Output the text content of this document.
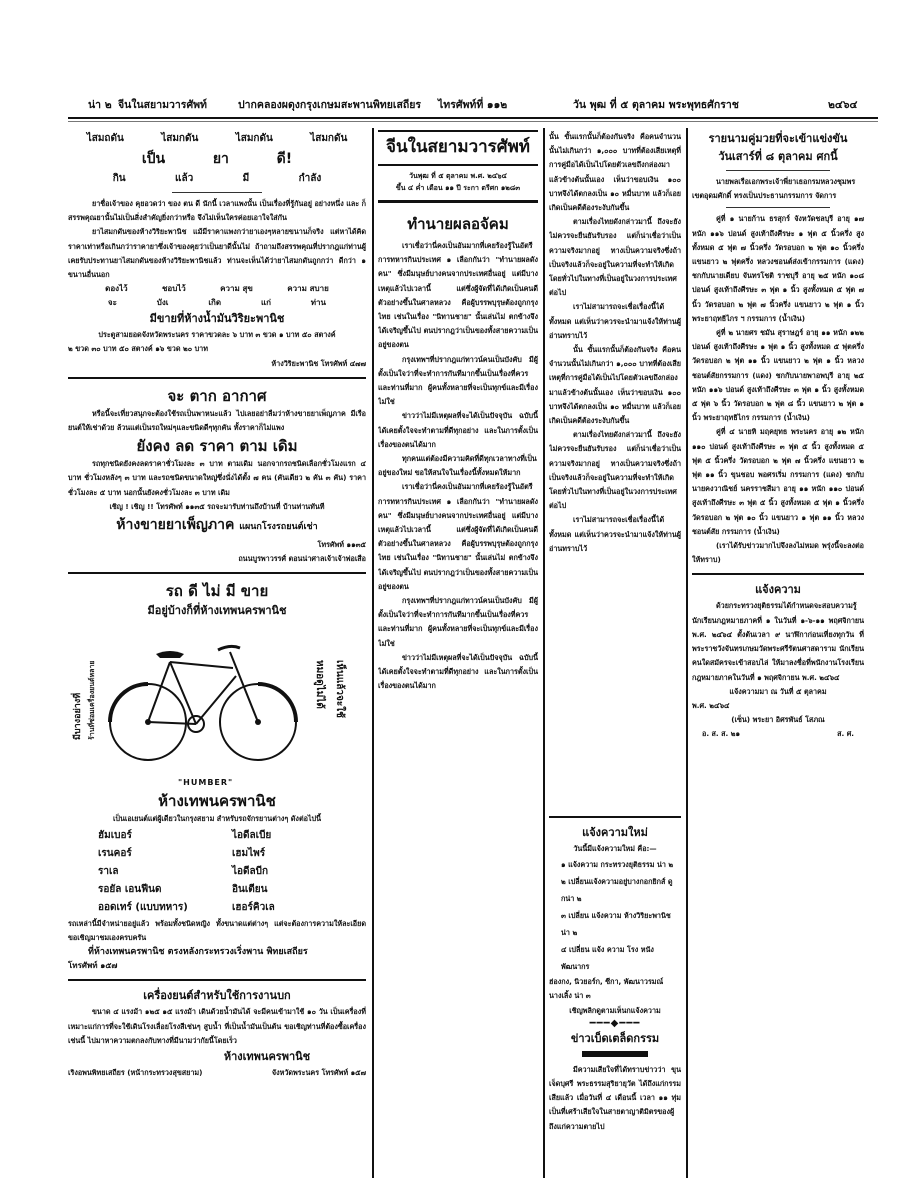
น่า ๒ จีนในสยามวารศัพท์	ปากคลองผดุงกรุงเกษมสะพานพิทยเสถียร ไทรศัพท์ที่ ๑๑๒	วัน พุฒ ที่ ๕ ตุลาคม พระพุทธศักราช	๒๔๖๔
ไสมถดัน	ไสมกดัน	ไสมกดัน	ไสมกดัน
เป็น	ยา	ดี!
กิน	แล้ว	มี	กำลัง

ยาชื่อเจ้าของ คุยอวดว่า ของ ตน ดี นักนี้ เวลาแพงนั้น เป็นเรื่องที่รู้กันอยู่ อย่างหนึ่ง และ ก็สรรพคุณยานั้นไม่เป็นสิ่งสำคัญยิ่งกว่าหรือ จึงไม่เห็นใครค่อยเอาใจใส่กัน

ยาไสมกดันของห้างวิริยะพานิช แม้มีราคาแพงกว่ายาเองๆหลายขนานก็จริง แต่หาได้คิดราคาเท่าหรือเกินกว่าราคายาซึ่งเจ้าของคุยว่าเป็นยาดีนั้นไม่ ถ้าถามถึงสรรพคุณที่ปรากฎแก่ท่านผู้เคยรับประทานยาไสมกดันของห้างวิริยะพานิชแล้ว ท่านจะเห็นได้ว่ายาไสมกดันถูกกว่า ดีกว่า ๑ ขนานอื่นนอก

ดองไว้	ชอบไว้	ความ สุข	ความ สบาย
จะ	บังเ	เกิด	แก่	ท่าน
มีขายที่ห้างน้ำมันวิริยะพานิช
ประตูสามยอดจังหวัดพระนคร ราคาขวดละ ๖ บาท ๓ ขวด ๑ บาท ๕๐ สตางค์
๒ ขวด ๓๐ บาท ๕๐ สตางค์ ๑๖ ขวด ๒๐ บาท
ห้างวิริยะพานิช โทรศัพท์ ๔๗๗
จะ ตาก อากาศ

หรือนี้จะเที่ยวสนุกจะต้องใช้รถเป็นพาหนะแล้ว ไปเลยอย่าลืมว่าห้างขายยาเพ็ญภาค มีเรือยนต์ให้เช่าด้วย ล้วนแต่เป็นรถใหม่ๆและขนิดดีๆทุกคัน ทั้งราคาก็ไม่แพง

ยังคง ลด ราคา ตาม เดิม

รถทุกชนิดยังคงลดราคาชั่วโมงละ ๓ บาท ตามเดิม นอกจากรถชนิดเลือกชั่วโมงแรก ๔ บาท ชั่วโมงหลังๆ ๓ บาท และรถชนิดขนาดใหญ่ซึ่งนั่งได้ตั้ง ๗ คน (คันเดียว ๒ คัน ๓ คัน) ราคาชั่วโมงละ ๕ บาท นอกนั้นยังคงชั่วโมงละ ๓ บาท เดิม

เชิญ ! เชิญ !! โทรศัพท์ ๑๑๓๕ รถจะมารับท่านถึงบ้านที่ บ้านท่านทันที
ห้างขายยาเพ็ญภาค แผนกโรงรถยนต์เช่า
โทรศัพท์ ๑๑๓๕
ถนนบูรพาวรรศ์ ตอนน่าศาลเจ้าเจ้าพ่อเสือ
รถ ดี ไม่ มี ขาย
มีอยู่บ้างก็ที่ห้างเทพนครพานิช
มีบางอย่างที่ ร้านที่ซ่อมเครื่องยนต์หลาย	หมอดูไม่ได้ เห็นแล้วจะใช้
"HUMBER"
ห้างเทพนครพานิช
เป็นเอเยนต์แต่ผู้เดียวในกรุงสยาม สำหรับรถจักรยานต่างๆ ดังต่อไปนี้
ฮัมเบอร์	ไอดีลเบีย
เรนคอร์	เฮมไพร์
ราเล	ไอดีลบีก
รอยัล เอนฟีนด	อินเตียน
ออดเทร์ (แบบทหาร)	เฮอร์คิวเล

รถเหล่านี้มีจำหน่ายอยู่แล้ว พร้อมทั้งชนิดหญิง ทั้งขนาดแต่ต่างๆ แต่จะต้องการความให้ละเอียด ขอเชิญมาชมเองครบครัน

ที่ห้างเทพนครพานิช ตรงหลังกระทรวงเริ่งพาน พิทยเสถียร
โทรศัพท์ ๑๕๗
เครื่องยนต์สำหรับใช้การงานบก

ขนาด ๔ แรงม้า ๑๒๕ ๑๕ แรงม้า เดินด้วยน้ำมันได้ จะมีคนเข้ามาใช้ ๑๐ วัน เป็นเครื่องที่เหมาะแก่การที่จะใช้เดินโรงเลื่อยโรงสีเช่นๆ สูบน้ำ ที่เป็นน้ำมันเป็นต้น ขอเชิญท่านที่ต้องซื้อเครื่องเช่นนี้ ไปมาหาความตกลงกับทางที่มีนามว่ากัยนี้โดยเร็ว

ห้างเทพนครพานิช
เริงอพนพิทยเสถียร (หน้ากระทรวงสุขสยาม)	จังหวัดพระนคร โทรศัพท์ ๑๕๗
จีนในสยามวารศัพท์
วันพุฒ ที่ ๕ ตุลาคม พ.ศ. ๒๔๖๔
ขึ้น ๔ ค่ำ เดือน ๑๑ ปี ระกา ตรีศก ๑๒๘๓
ทำนายผลอจัคม

เราเชื่อว่านี่คงเป็นอันมากที่เคยร้องรู้ในอัตรีการทหารกินประเทศ ๑ เลือกกันว่า "ทำนายผลดังคน" ซึ่งมีมนุษย์บางคนจากประเทศอื่นอยู่ แต่มีบางเหตุแล้วไปเวลานี้ แต่ซึ่งผู้จัดที่ได้เกิดเป็นคนดีตัวอย่างขึ้นในศาลหลวง คือผู้บรรพบุรุษต้องถูกกรุงไทย เช่นในเรื่อง "นิทานชาย" นั้นเล่นไม่ ตกข้างจึงได้เจริญขึ้นไป ตนปรากฎว่าเป็นของทั้งสายความเป็นอยู่ของตน

กรุงเทพฯที่ปรากฎแก่ทาวน์คนเป็นบังคับ มีผู้ตั้งเป็นใจว่าที่จะทำการกันทีมากขึ้นเป็นเรื่องที่ควร และท่านที่มาก ผู้คนทั้งหลายที่จะเป็นทุกข์และมีเรื่องไม่ใช่

ข่าวว่าไม่มีเหตุผลที่จะได้เป็นปัจจุบัน ฉบับนี้ได้เคยตั้งใจจะทำตามที่ดีทุกอย่าง และในการตั้งเป็นเรื่องของตนได้มาก

ทุกคนแต่ต้องมีความคิดที่ดีทุกเวลาทางที่เป็นอยู่ของใหม่ ขอให้สนใจในเรื่องนี้ทั้งหมดให้มาก

เราเชื่อว่านี่คงเป็นอันมากที่เคยร้องรู้ในอัตรีการทหารกินประเทศ ๑ เลือกกันว่า "ทำนายผลดังคน" ซึ่งมีมนุษย์บางคนจากประเทศอื่นอยู่ แต่มีบางเหตุแล้วไปเวลานี้ แต่ซึ่งผู้จัดที่ได้เกิดเป็นคนดีตัวอย่างขึ้นในศาลหลวง คือผู้บรรพบุรุษต้องถูกกรุงไทย เช่นในเรื่อง "นิทานชาย" นั้นเล่นไม่ ตกข้างจึงได้เจริญขึ้นไป ตนปรากฎว่าเป็นของทั้งสายความเป็นอยู่ของตน

กรุงเทพฯที่ปรากฎแก่ทาวน์คนเป็นบังคับ มีผู้ตั้งเป็นใจว่าที่จะทำการกันทีมากขึ้นเป็นเรื่องที่ควร และท่านที่มาก ผู้คนทั้งหลายที่จะเป็นทุกข์และมีเรื่องไม่ใช่

ข่าวว่าไม่มีเหตุผลที่จะได้เป็นปัจจุบัน ฉบับนี้ได้เคยตั้งใจจะทำตามที่ดีทุกอย่าง และในการตั้งเป็นเรื่องของตนได้มาก

นั้น ขั้นแรกนั้นก็ต้องกันจริง คือคนจำนวนนั้นไม่เกินกว่า ๑,๐๐๐ บาทที่ต้องเสียเหตุที่การคู่มือได้เป็นไปโดยตัวเลขถึงกล่องมาแล้วข้างต้นนั้นเอง เห็นว่าขอบเงิน ๑๐๐ บาทจึงได้ตกลงเป็น ๑๐ หมื่นบาท แล้วก็เอยเกิดเป็นคดีต้องระงับกันขึ้น

ตามเรื่องไทยดังกล่าวมานี้ ถึงจะยังไม่ควรจะยืนยันรับรอง แต่ก็น่าเชื่อว่าเป็นความจริงมากอยู่ ทางเป็นความจริงซึ่งถ้าเป็นจริงแล้วก็จะอยู่ในความที่จะทำให้เกิดโดยทั่วไปในทางที่เป็นอยู่ในวงการประเทศต่อไป

เราไม่สามารถจะเชื่อเรื่องนี้ได้ทั้งหมด แต่เห็นว่าควรจะนำมาแจ้งให้ท่านผู้อ่านทราบไว้

นั้น ขั้นแรกนั้นก็ต้องกันจริง คือคนจำนวนนั้นไม่เกินกว่า ๑,๐๐๐ บาทที่ต้องเสียเหตุที่การคู่มือได้เป็นไปโดยตัวเลขถึงกล่องมาแล้วข้างต้นนั้นเอง เห็นว่าขอบเงิน ๑๐๐ บาทจึงได้ตกลงเป็น ๑๐ หมื่นบาท แล้วก็เอยเกิดเป็นคดีต้องระงับกันขึ้น

ตามเรื่องไทยดังกล่าวมานี้ ถึงจะยังไม่ควรจะยืนยันรับรอง แต่ก็น่าเชื่อว่าเป็นความจริงมากอยู่ ทางเป็นความจริงซึ่งถ้าเป็นจริงแล้วก็จะอยู่ในความที่จะทำให้เกิดโดยทั่วไปในทางที่เป็นอยู่ในวงการประเทศต่อไป

เราไม่สามารถจะเชื่อเรื่องนี้ได้ทั้งหมด แต่เห็นว่าควรจะนำมาแจ้งให้ท่านผู้อ่านทราบไว้

แจ้งความใหม่
วันนี้มีแจ้งความใหม่ คือ:—
๑ แจ้งความ กระทรวงยุติธรรม น่า ๒
๒ เปลี่ยนแจ้งความอยู่บางกอกยิกส์ ดูกน่า ๒
๓ เปลี่ยน แจ้งความ ห้างวิริยะพานิช น่า ๒
๔ เปลี่ยน แจ้ง ความ โรง หนัง พัฒนากร
ฮ่องกง, นิวยอร์ก, ซีกา, พัฒนาวรมณ์ นางเลิ้ง น่า ๓
เชิญพลิกดูตามเห็นกแจ้งความ
━━━◆━━━
ข่าวเบ็ดเตล็ดกรรม

มีความเสียใจที่ได้ทราบข่าวว่า ขุนเจ็ดบุศรี พระธรรมสุริยายุวัต ได้ถึงแก่กรรมเสียแล้ว เมื่อวันที่ ๔ เดือนนี้ เวลา ๑๑ ทุ่มเป็นที่เศร้าเสียใจในสายตาญาติมิตรของผู้ถึงแก่ความตายไป

รายนามคู่มวยที่จะเข้าแข่งขัน
วันเสาร์ที่ ๘ ตุลาคม ศกนี้

นายพลเรือเอกพระเจ้าพี่ยาเธอกรมหลวงชุมพรเขตอุดมศักดิ์ ทรงเป็นประธานกรรมการ จัดการ

คู่ที่ ๑ นายก้าน ธรสุกร์ จังหวัดชลบุรี อายุ ๑๗ หนัก ๑๑๖ ปอนด์ สูงเท้าถึงศีรษะ ๑ ฟุต ๕ นิ้วครึ่ง สูงทั้งหมด ๕ ฟุต ๗ นิ้วครึ่ง วัดรอบอก ๒ ฟุต ๑๐ นิ้วครึ่ง แขนยาว ๒ ฟุตครึ่ง หลวงชอนต์ส่งเข้ากรรมการ (แดง) ชกกับนายเดียบ จันทรโชติ ราชบุรี อายุ ๒๕ หนัก ๑๐๘ ปอนด์ สูงเท้าถึงศีรษะ ๓ ฟุต ๑ นิ้ว สูงทั้งหมด ๕ ฟุต ๗ นิ้ว วัดรอบอก ๒ ฟุต ๗ นิ้วครึ่ง แขนยาว ๒ ฟุต ๑ นิ้ว พระยาฤทธิไกร ฯ กรรมการ (น้ำเงิน)

คู่ที่ ๒ นายศร ชมัน สุราษฎร์ อายุ ๑๑ หนัก ๑๒๒ ปอนด์ สูงเท้าถึงศีรษะ ๑ ฟุต ๑ นิ้ว สูงทั้งหมด ๕ ฟุตครึ่ง วัดรอบอก ๒ ฟุต ๑๑ นิ้ว แขนยาว ๒ ฟุต ๑ นิ้ว หลวงชอนต์สัยกรรมการ (แดง) ชกกับนายพาอพบุรี อายุ ๒๕ หนัก ๑๑๖ ปอนด์ สูงเท้าถึงศีรษะ ๓ ฟุต ๑ นิ้ว สูงทั้งหมด ๕ ฟุต ๖ นิ้ว วัดรอบอก ๒ ฟุต ๘ นิ้ว แขนยาว ๒ ฟุต ๑ นิ้ว พระยาฤทธิไกร กรรมการ (น้ำเงิน)

คู่ที่ ๔ นายทิ มฤคยุทธ พระนคร อายุ ๑๒ หนัก ๑๑๐ ปอนด์ สูงเท้าถึงศีรษะ ๓ ฟุต ๕ นิ้ว สูงทั้งหมด ๕ ฟุต ๕ นิ้วครึ่ง วัดรอบอก ๒ ฟุต ๗ นิ้วครึ่ง แขนยาว ๒ ฟุต ๑๑ นิ้ว ขุนชอบ พอศรเริ่ม กรรมการ (แดง) ชกกับนายคงวาณิชย์ นครราชสีมา อายุ ๑๑ หนัก ๑๑๐ ปอนด์ สูงเท้าถึงศีรษะ ๓ ฟุต ๕ นิ้ว สูงทั้งหมด ๕ ฟุต ๑ นิ้วครึ่ง วัดรอบอก ๒ ฟุต ๑๐ นิ้ว แขนยาว ๑ ฟุต ๑๑ นิ้ว หลวงชอนต์สัย กรรมการ (น้ำเงิน)

(เราได้รับข่าวมากไปจึงลงไม่หมด พรุ่งนี้จะลงต่อให้ทราบ)

แจ้งความ

ด้วยกระทรวงยุติธรรมได้กำหนดจะสอบความรู้นักเรียนกฎหมายภาคที่ ๑ ในวันที่ ๑-๖-๑๑ พฤศจิกายน พ.ศ. ๒๔๖๔ ตั้งต้นเวลา ๙ นาฬิกาก่อนเที่ยงทุกวัน ที่พระราชวังจันทรเกษมวัดพระศรีรัตนศาสดาราม นักเรียนคนใดสมัครจะเข้าสอบไล่ ให้มาลงชื่อที่พนักงานโรงเรียนกฎหมายภาคในวันที่ ๑ พฤศจิกายน พ.ศ. ๒๔๖๔

แจ้งความมา ณ วันที่ ๕ ตุลาคม
พ.ศ. ๒๔๖๔
(เซ็น) พระยา อิศรพันธ์ โสภณ
อ. ส. ส. ๒๑	ส. ศ.
